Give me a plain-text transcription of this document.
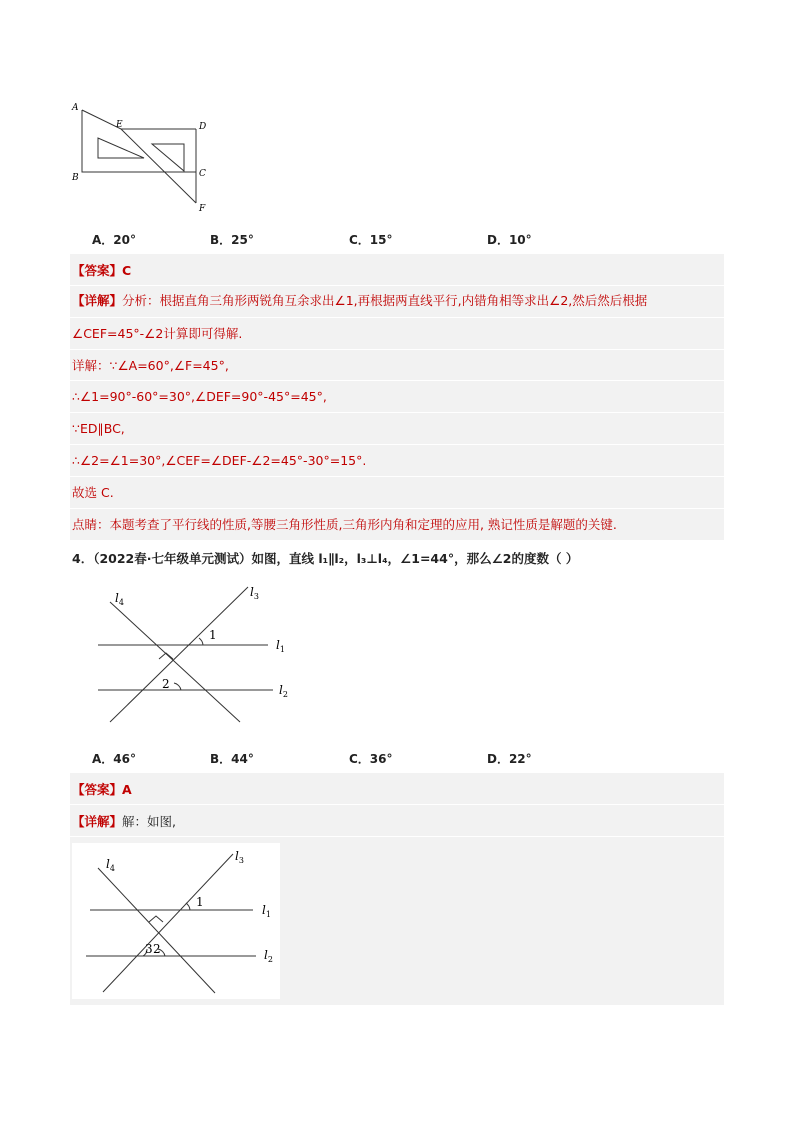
A
B
E	D
C
F
A．20°	B．25°	C．15°	D．10°
【答案】C
【详解】分析：根据直角三角形两锐角互余求出∠1,再根据两直线平行,内错角相等求出∠2,然后然后根据
∠CEF=45°-∠2计算即可得解.
详解：∵∠A=60°,∠F=45°,
∴∠1=90°-60°=30°,∠DEF=90°-45°=45°,
∵ED∥BC,
∴∠2=∠1=30°,∠CEF=∠DEF-∠2=45°-30°=15°.
故选 C.
点睛：本题考查了平行线的性质,等腰三角形性质,三角形内角和定理的应用, 熟记性质是解题的关键.
4．（2022春·七年级单元测试）如图，直线 l₁∥l₂，l₃⊥l₄，∠1=44°，那么∠2的度数（ ）
$l_4$
$l_3$
$l_1$
$l_2$
1
2
A．46°	B．44°	C．36°	D．22°
【答案】A
【详解】解：如图,
$l_4$
$l_3$
$l_1$
$l_2$
1
3 2
